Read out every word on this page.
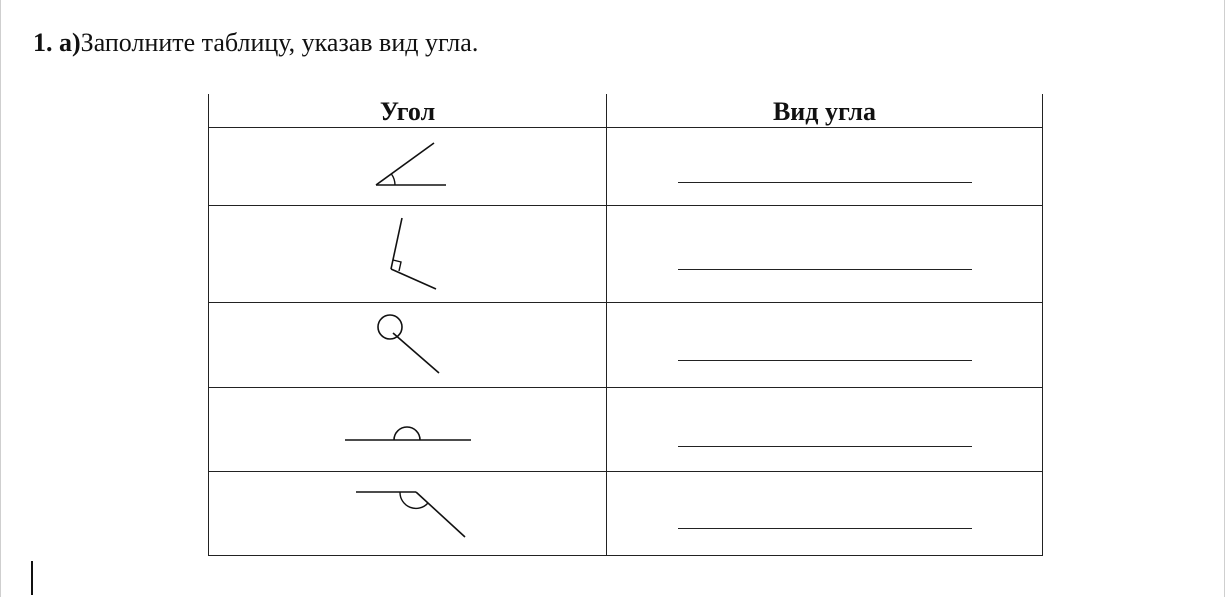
1. а)Заполните таблицу, указав вид угла.
Угол	Вид угла
